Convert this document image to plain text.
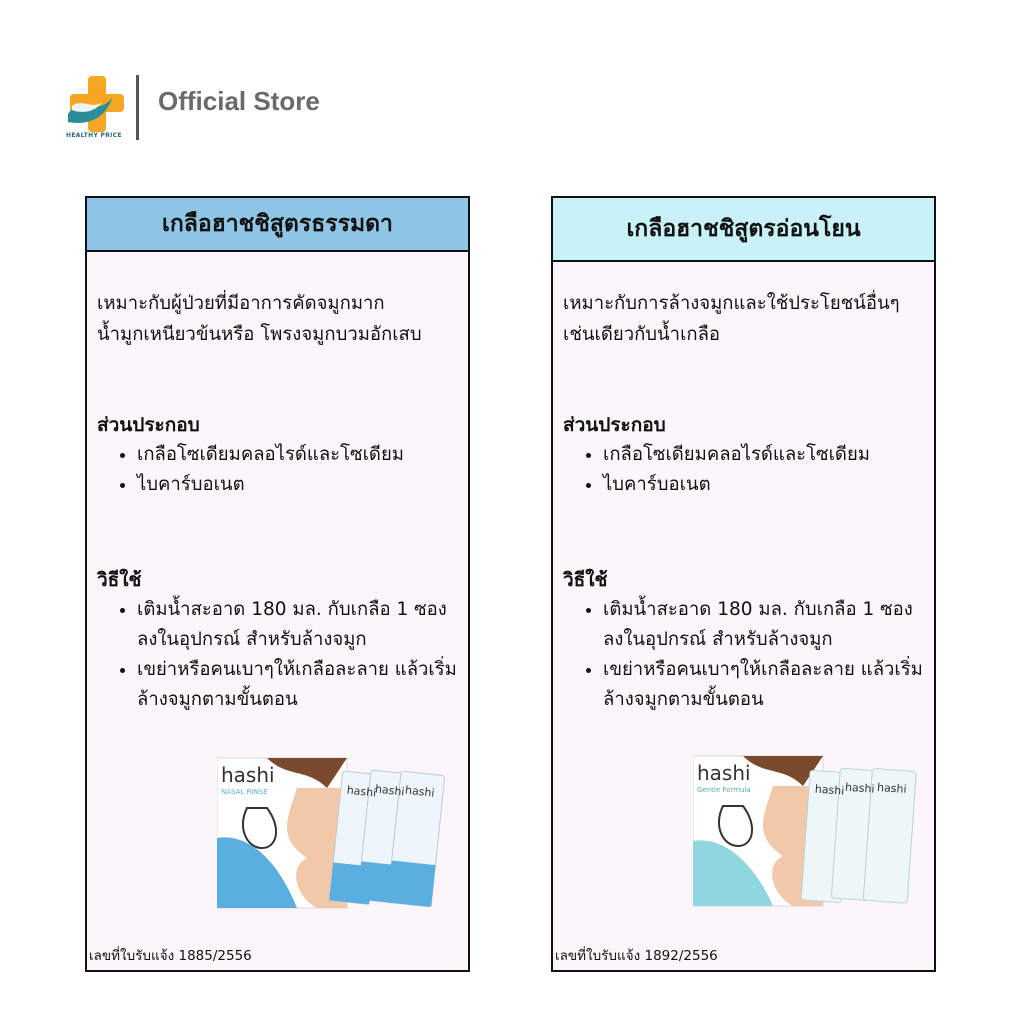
HEALTHY PRICE
Official Store
เกลือฮาชชิสูตรธรรมดา
เหมาะกับผู้ป่วยที่มีอาการคัดจมูกมาก
น้ำมูกเหนียวข้นหรือ โพรงจมูกบวมอักเสบ
ส่วนประกอบ
• เกลือโซเดียมคลอไรด์และโซเดียม
• ไบคาร์บอเนต
วิธีใช้
• เติมน้ำสะอาด 180 มล. กับเกลือ 1 ซอง ลงในอุปกรณ์ สำหรับล้างจมูก
• เขย่าหรือคนเบาๆให้เกลือละลาย แล้วเริ่มล้างจมูกตามขั้นตอน
hashi
NASAL RINSE	hashi
hashi hashi
เลขที่ใบรับแจ้ง 1885/2556
เกลือฮาชชิสูตรอ่อนโยน
เหมาะกับการล้างจมูกและใช้ประโยชน์อื่นๆ
เช่นเดียวกับน้ำเกลือ
ส่วนประกอบ
• เกลือโซเดียมคลอไรด์และโซเดียม
• ไบคาร์บอเนต
วิธีใช้
• เติมน้ำสะอาด 180 มล. กับเกลือ 1 ซอง ลงในอุปกรณ์ สำหรับล้างจมูก
• เขย่าหรือคนเบาๆให้เกลือละลาย แล้วเริ่มล้างจมูกตามขั้นตอน
hashi
Gentle Formula	hashi hashi hashi
เลขที่ใบรับแจ้ง 1892/2556
